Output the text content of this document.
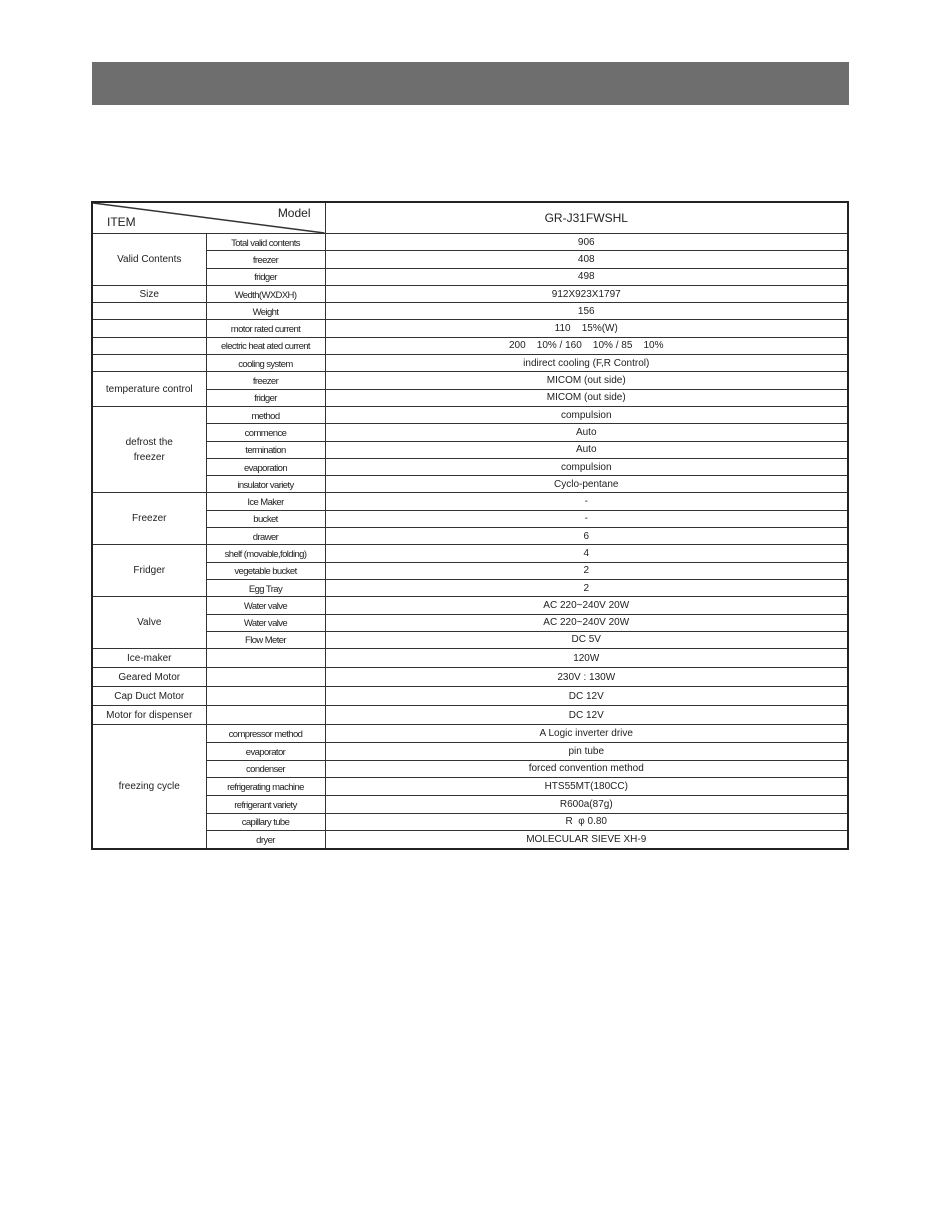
ITEM
Model		GR-J31FWSHL
Valid Contents	Total valid contents	906
	freezer	408
	fridger	498
Size	Wedth(WXDXH)	912X923X1797
	Weight	156
	motor rated current	110    15%(W)
	electric heat ated current	200    10% / 160    10% / 85    10%
	cooling system	indirect cooling (F,R Control)
temperature control	freezer	MICOM (out side)
	fridger	MICOM (out side)
defrost the freezer	method	compulsion
	commence	Auto
	termination	Auto
	evaporation	compulsion
	insulator variety	Cyclo-pentane
Freezer	Ice Maker	-
	bucket	-
	drawer	6
Fridger	shelf (movable,folding)	4
	vegetable bucket	2
	Egg Tray	2
Valve	Water valve	AC 220~240V 20W
	Water valve	AC 220~240V 20W
	Flow Meter	DC 5V
Ice-maker		120W
Geared Motor		230V : 130W
Cap Duct Motor		DC 12V
Motor for dispenser		DC 12V
freezing cycle	compressor method	A Logic inverter drive
	evaporator	pin tube
	condenser	forced convention method
	refrigerating machine	HTS55MT(180CC)
	refrigerant variety	R600a(87g)
	capillary tube	R  φ 0.80
	dryer	MOLECULAR SIEVE XH-9
